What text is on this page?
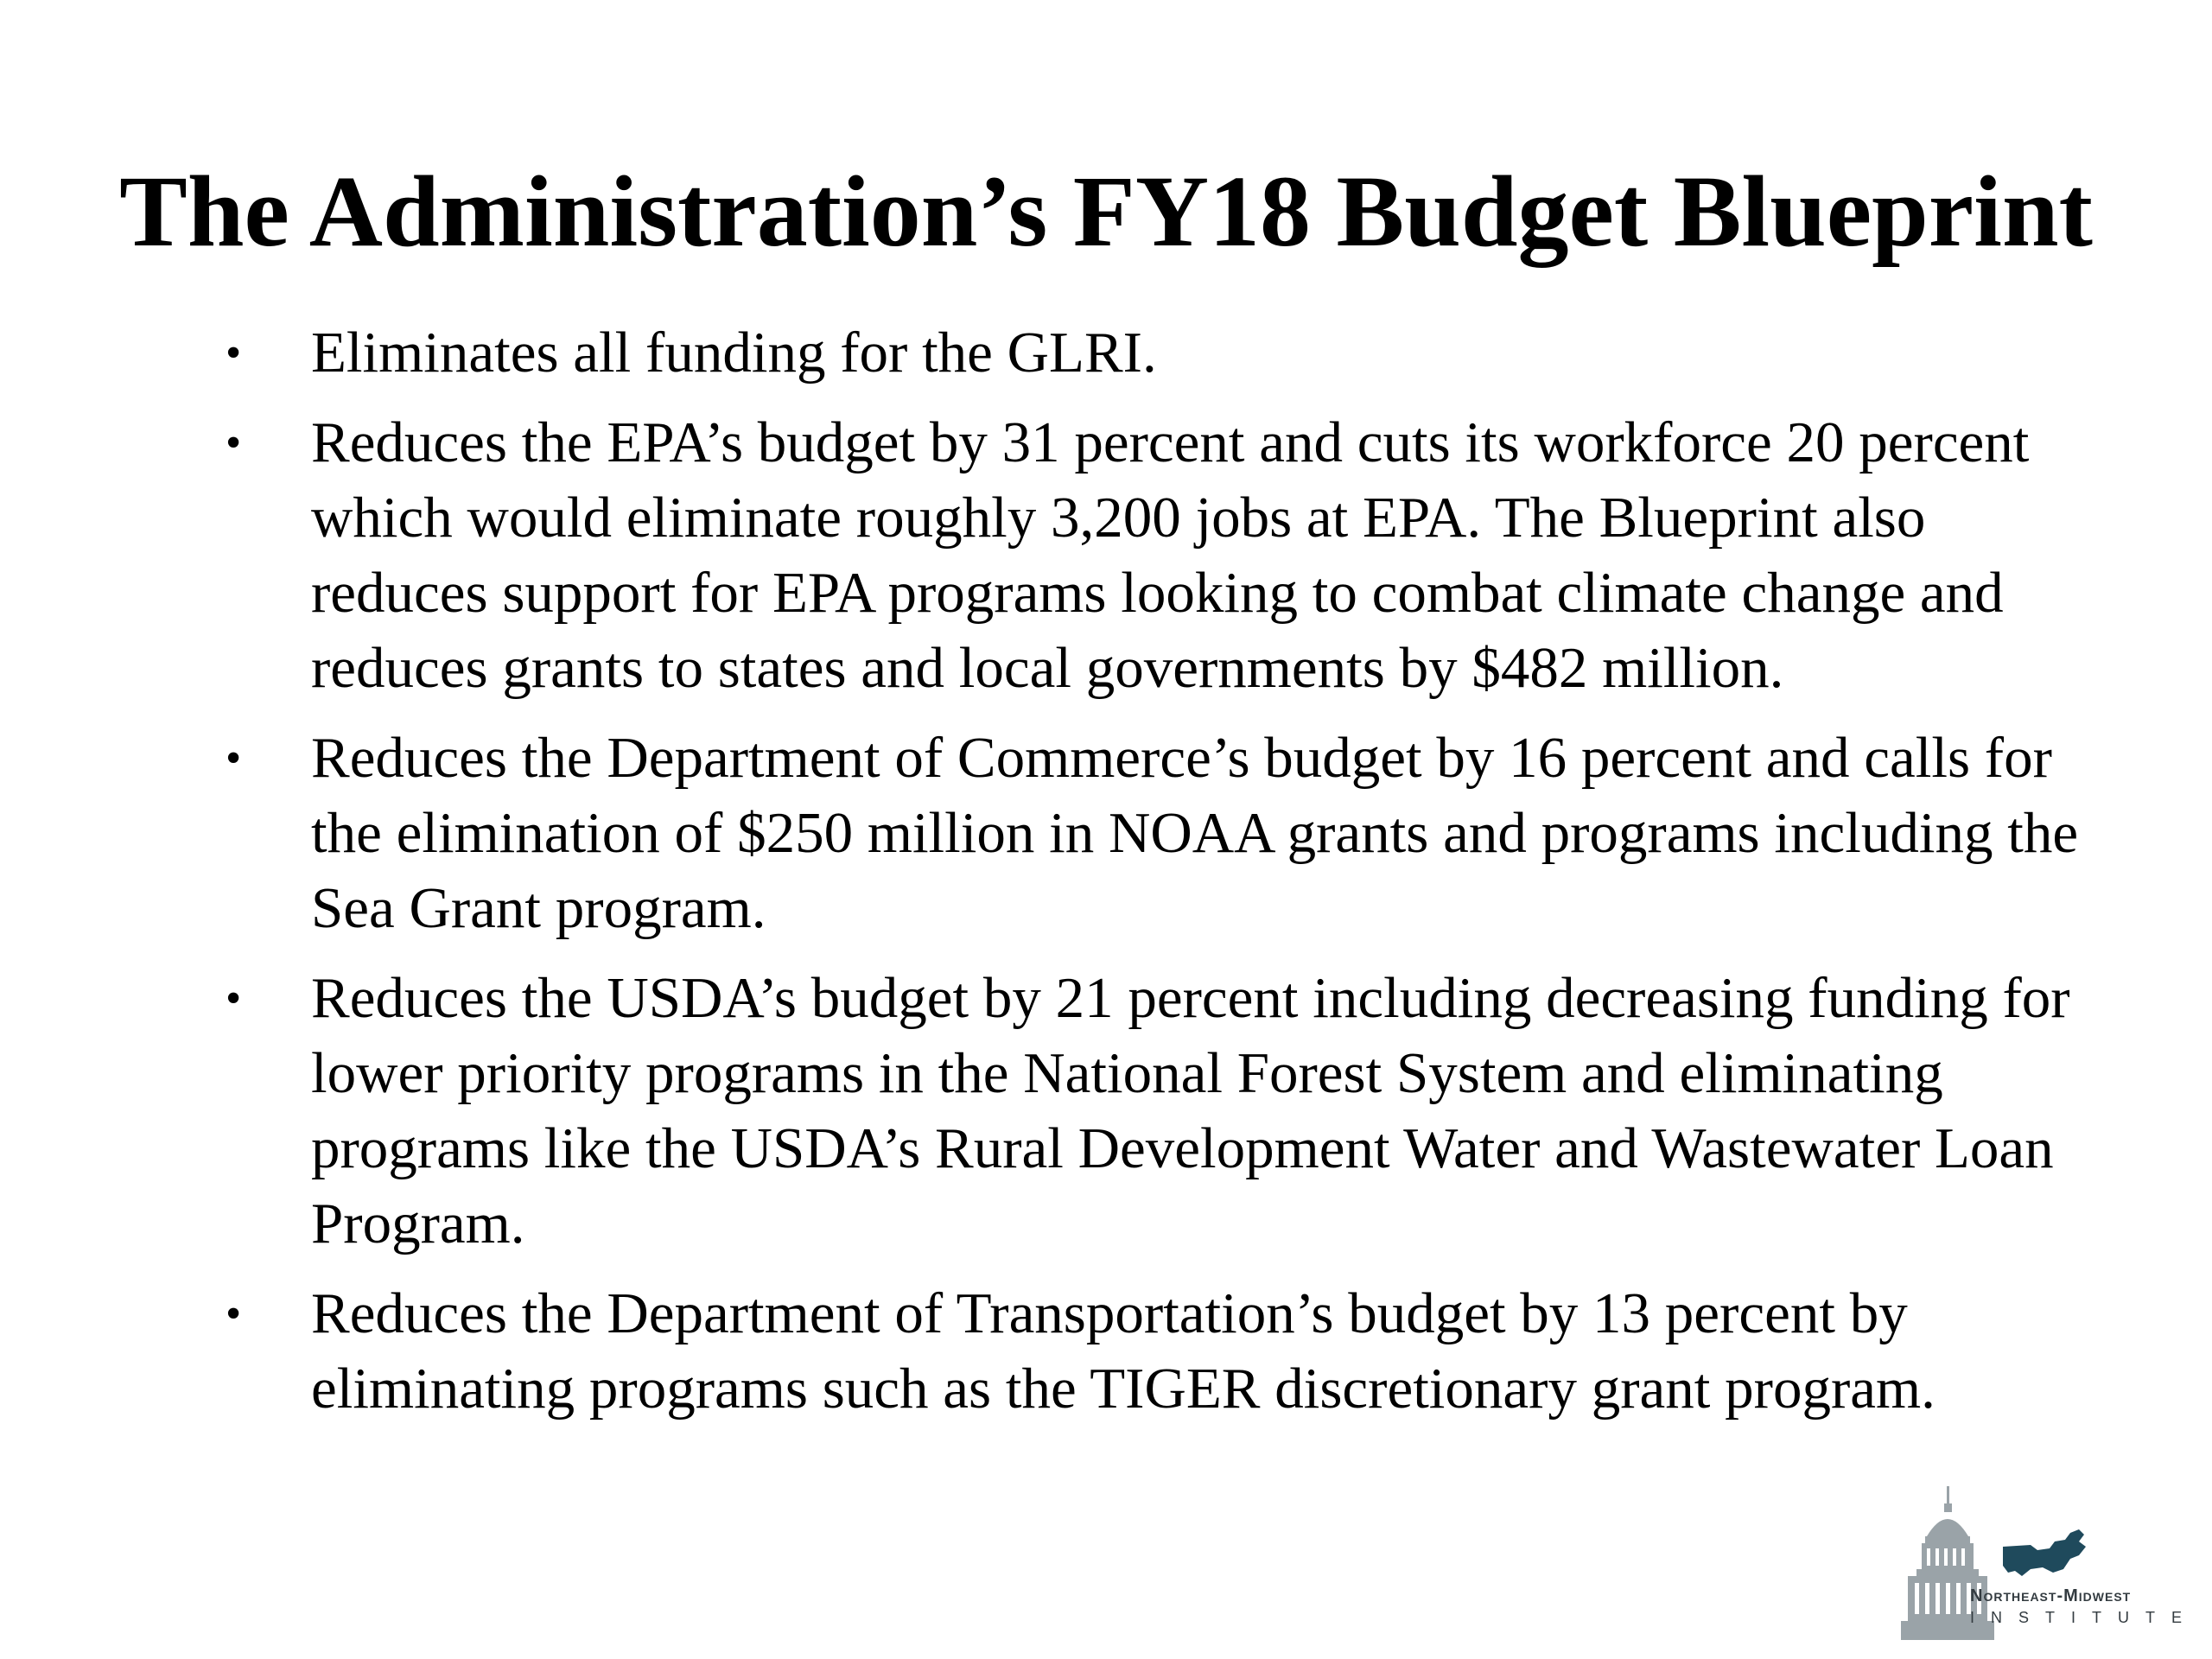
The Administration’s FY18 Budget Blueprint
• Eliminates all funding for the GLRI.
• Reduces the EPA’s budget by 31 percent and cuts its workforce 20 percent which would eliminate roughly 3,200 jobs at EPA. The Blueprint also reduces support for EPA programs looking to combat climate change and reduces grants to states and local governments by $482 million.
• Reduces the Department of Commerce’s budget by 16 percent and calls for the elimination of $250 million in NOAA grants and programs including the Sea Grant program.
• Reduces the USDA’s budget by 21 percent including decreasing funding for lower priority programs in the National Forest System and eliminating programs like the USDA’s Rural Development Water and Wastewater Loan Program.
• Reduces the Department of Transportation’s budget by 13 percent by eliminating programs such as the TIGER discretionary grant program.
Northeast-Midwest
INSTITUTE
